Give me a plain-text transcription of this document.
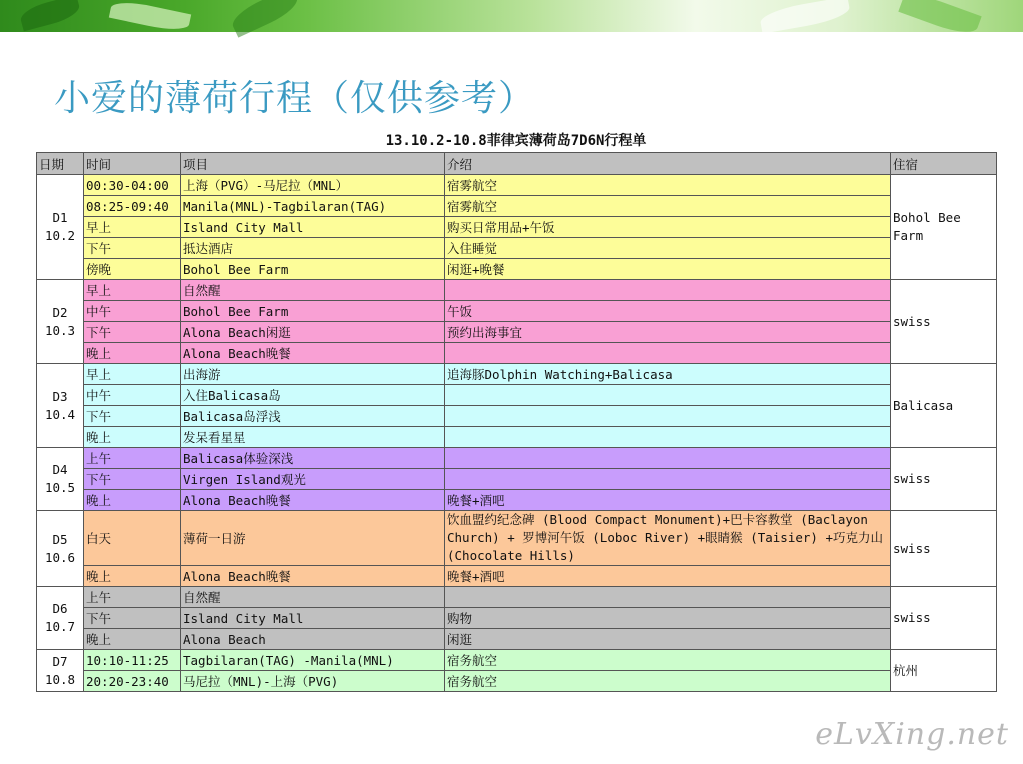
小爱的薄荷行程（仅供参考）
13.10.2-10.8菲律宾薄荷岛7D6N行程单
日期	时间	项目	介绍	住宿

D1
10.2	00:30-04:00	上海（PVG）-马尼拉（MNL）	宿雾航空	Bohol Bee Farm
	08:25-09:40	Manila(MNL)-Tagbilaran(TAG)	宿雾航空	
	早上	Island City Mall	购买日常用品+午饭	
	下午	抵达酒店	入住睡觉	
	傍晚	Bohol Bee Farm	闲逛+晚餐	

D2
10.3	早上	自然醒		swiss
	中午	Bohol Bee Farm	午饭	
	下午	Alona Beach闲逛	预约出海事宜	
	晚上	Alona Beach晚餐		

D3
10.4	早上	出海游	追海豚Dolphin Watching+Balicasa	Balicasa
	中午	入住Balicasa岛		
	下午	Balicasa岛浮浅		
	晚上	发呆看星星		

D4
10.5	上午	Balicasa体验深浅		swiss
	下午	Virgen Island观光		
	晚上	Alona Beach晚餐	晚餐+酒吧	

D5
10.6	白天	薄荷一日游	饮血盟约纪念碑 (Blood Compact Monument)+巴卡容教堂 (Baclayon Church) + 罗博河午饭 (Loboc River) +眼睛猴 (Taisier) +巧克力山 (Chocolate Hills)	swiss
	晚上	Alona Beach晚餐	晚餐+酒吧	

D6
10.7	上午	自然醒		swiss
	下午	Island City Mall	购物	
	晚上	Alona Beach	闲逛	

D7
10.8	10:10-11:25	Tagbilaran(TAG) -Manila(MNL)	宿务航空	杭州
	20:20-23:40	马尼拉（MNL)-上海（PVG)	宿务航空	
eLvXing.net
